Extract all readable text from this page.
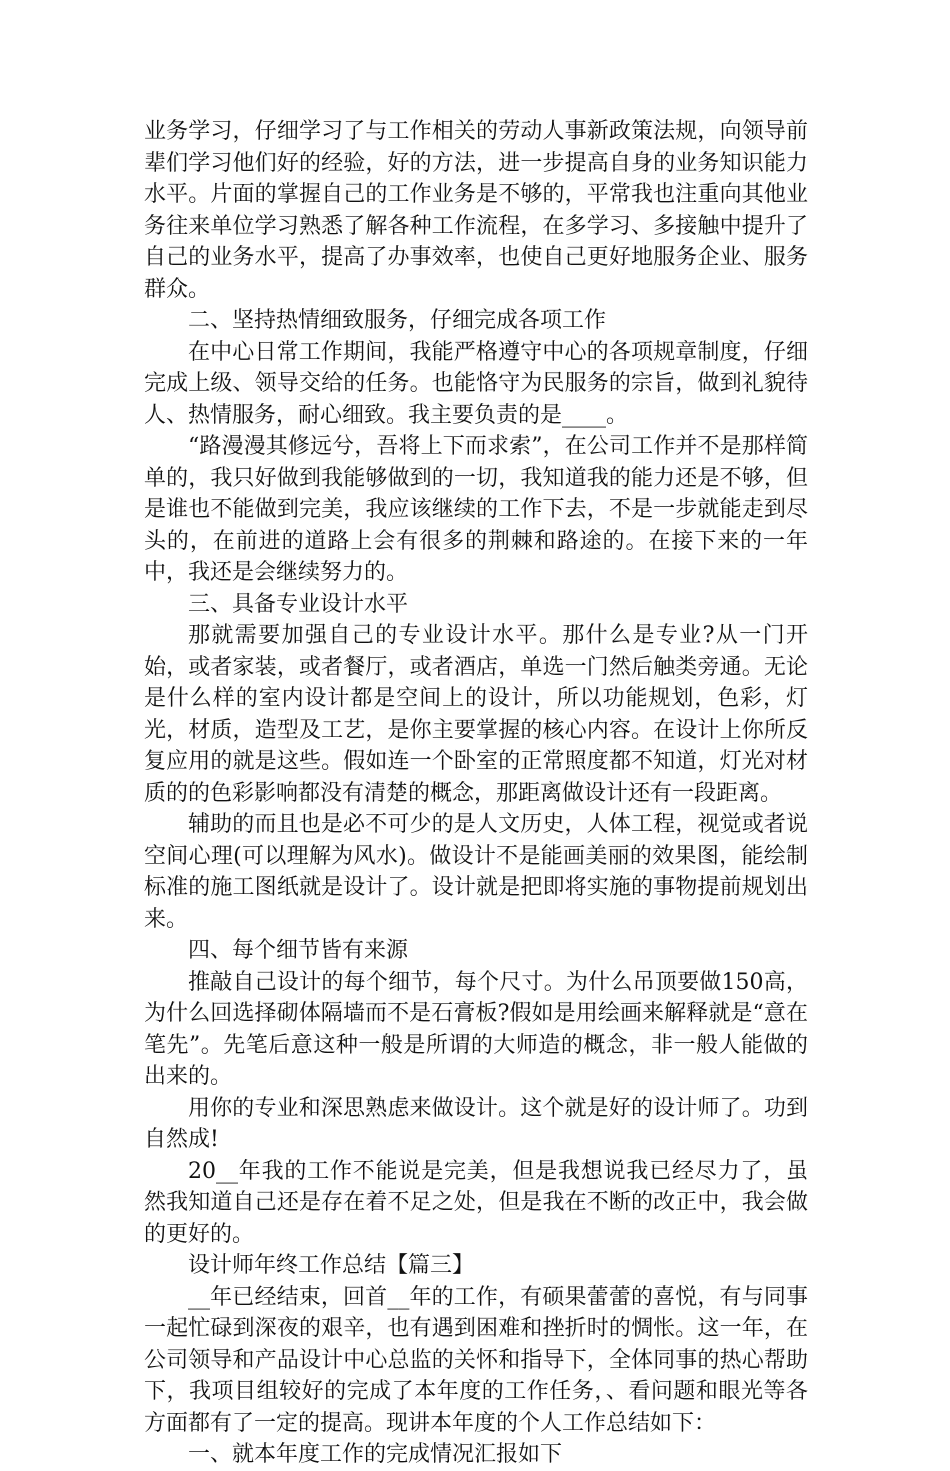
业务学习，仔细学习了与工作相关的劳动人事新政策法规，向领导前辈们学习他们好的经验，好的方法，进一步提高自身的业务知识能力水平。片面的掌握自己的工作业务是不够的，平常我也注重向其他业务往来单位学习熟悉了解各种工作流程，在多学习、多接触中提升了自己的业务水平，提高了办事效率，也使自己更好地服务企业、服务群众。

二、坚持热情细致服务，仔细完成各项工作

在中心日常工作期间，我能严格遵守中心的各项规章制度，仔细完成上级、领导交给的任务。也能恪守为民服务的宗旨，做到礼貌待人、热情服务，耐心细致。我主要负责的是____。

“路漫漫其修远兮，吾将上下而求索”，在公司工作并不是那样简单的，我只好做到我能够做到的一切，我知道我的能力还是不够，但是谁也不能做到完美，我应该继续的工作下去，不是一步就能走到尽头的，在前进的道路上会有很多的荆棘和路途的。在接下来的一年中，我还是会继续努力的。

三、具备专业设计水平

那就需要加强自己的专业设计水平。那什么是专业?从一门开始，或者家装，或者餐厅，或者酒店，单选一门然后触类旁通。无论是什么样的室内设计都是空间上的设计，所以功能规划，色彩，灯光，材质，造型及工艺，是你主要掌握的核心内容。在设计上你所反复应用的就是这些。假如连一个卧室的正常照度都不知道，灯光对材质的的色彩影响都没有清楚的概念，那距离做设计还有一段距离。

辅助的而且也是必不可少的是人文历史，人体工程，视觉或者说空间心理(可以理解为风水)。做设计不是能画美丽的效果图，能绘制标准的施工图纸就是设计了。设计就是把即将实施的事物提前规划出来。

四、每个细节皆有来源

推敲自己设计的每个细节，每个尺寸。为什么吊顶要做150高，为什么回选择砌体隔墙而不是石膏板?假如是用绘画来解释就是“意在笔先”。先笔后意这种一般是所谓的大师造的概念，非一般人能做的出来的。

用你的专业和深思熟虑来做设计。这个就是好的设计师了。功到自然成!

20__年我的工作不能说是完美，但是我想说我已经尽力了，虽然我知道自己还是存在着不足之处，但是我在不断的改正中，我会做的更好的。

设计师年终工作总结【篇三】

__年已经结束，回首__年的工作，有硕果蕾蕾的喜悦，有与同事一起忙碌到深夜的艰辛，也有遇到困难和挫折时的惆怅。这一年，在公司领导和产品设计中心总监的关怀和指导下，全体同事的热心帮助下，我项目组较好的完成了本年度的工作任务，、看问题和眼光等各方面都有了一定的提高。现讲本年度的个人工作总结如下：

一、就本年度工作的完成情况汇报如下
